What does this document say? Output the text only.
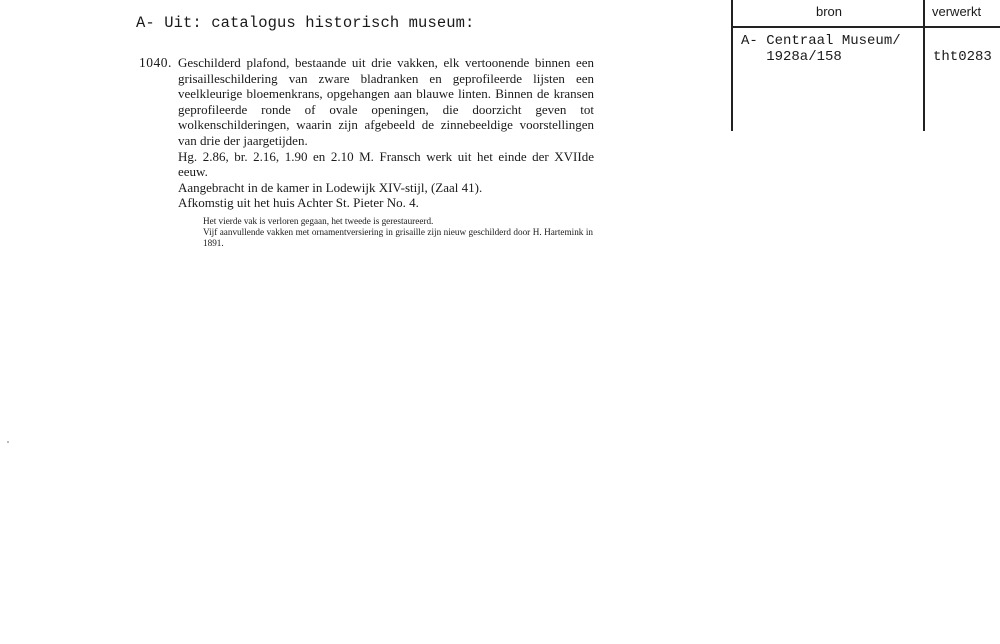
A- Uit: catalogus historisch museum:
1040. Geschilderd plafond, bestaande uit drie vakken, elk vertoonende binnen een grisailleschildering van zware bladranken en geprofileerde lijsten een veelkleurige bloemenkrans, opgehangen aan blauwe linten. Binnen de kransen geprofileerde ronde of ovale openingen, die doorzicht geven tot wolkenschilderingen, waarin zijn afgebeeld de zinnebeeldige voorstellingen van drie der jaargetijden.

Hg. 2.86, br. 2.16, 1.90 en 2.10 M. Fransch werk uit het einde der XVIIde eeuw.

Aangebracht in de kamer in Lodewijk XIV-stijl, (Zaal 41).

Afkomstig uit het huis Achter St. Pieter No. 4.

Het vierde vak is verloren gegaan, het tweede is gerestaureerd.
Vijf aanvullende vakken met ornamentversiering in grisaille zijn nieuw geschilderd door H. Hartemink in 1891.
bron	verwerkt
A- Centraal Museum/
1928a/158	tht0283
